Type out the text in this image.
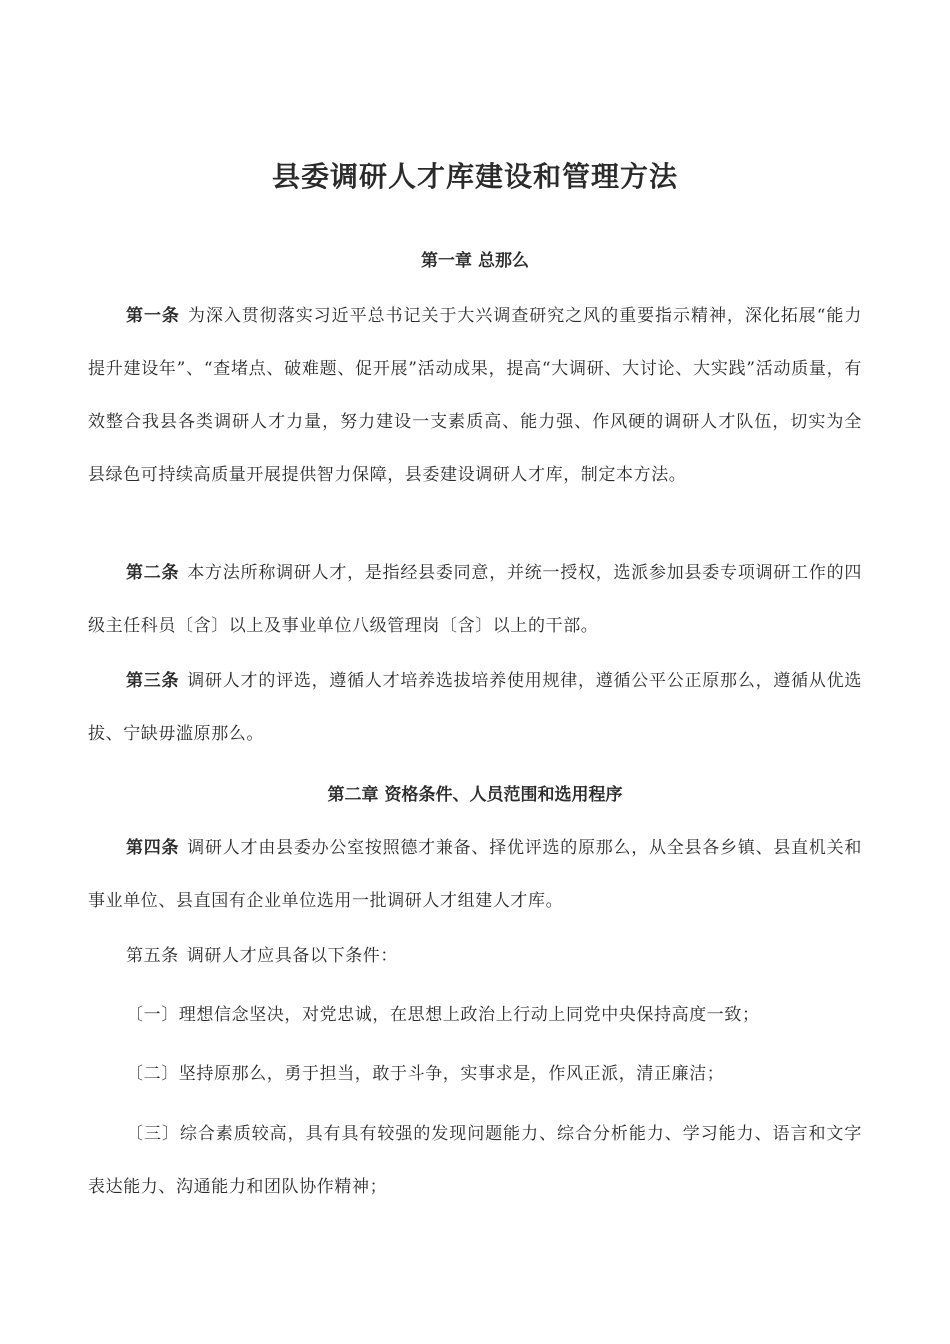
县委调研人才库建设和管理方法
第一章 总那么

第一条 为深入贯彻落实习近平总书记关于大兴调查研究之风的重要指示精神，深化拓展“能力提升建设年”、“查堵点、破难题、促开展”活动成果，提高“大调研、大讨论、大实践”活动质量，有效整合我县各类调研人才力量，努力建设一支素质高、能力强、作风硬的调研人才队伍，切实为全县绿色可持续高质量开展提供智力保障，县委建设调研人才库，制定本方法。

第二条 本方法所称调研人才，是指经县委同意，并统一授权，选派参加县委专项调研工作的四级主任科员〔含〕以上及事业单位八级管理岗〔含〕以上的干部。

第三条 调研人才的评选，遵循人才培养选拔培养使用规律，遵循公平公正原那么，遵循从优选拔、宁缺毋滥原那么。

第二章 资格条件、人员范围和选用程序

第四条 调研人才由县委办公室按照德才兼备、择优评选的原那么，从全县各乡镇、县直机关和事业单位、县直国有企业单位选用一批调研人才组建人才库。

第五条 调研人才应具备以下条件：

〔一〕理想信念坚决，对党忠诚，在思想上政治上行动上同党中央保持高度一致；

〔二〕坚持原那么，勇于担当，敢于斗争，实事求是，作风正派，清正廉洁；

〔三〕综合素质较高，具有具有较强的发现问题能力、综合分析能力、学习能力、语言和文字表达能力、沟通能力和团队协作精神；
